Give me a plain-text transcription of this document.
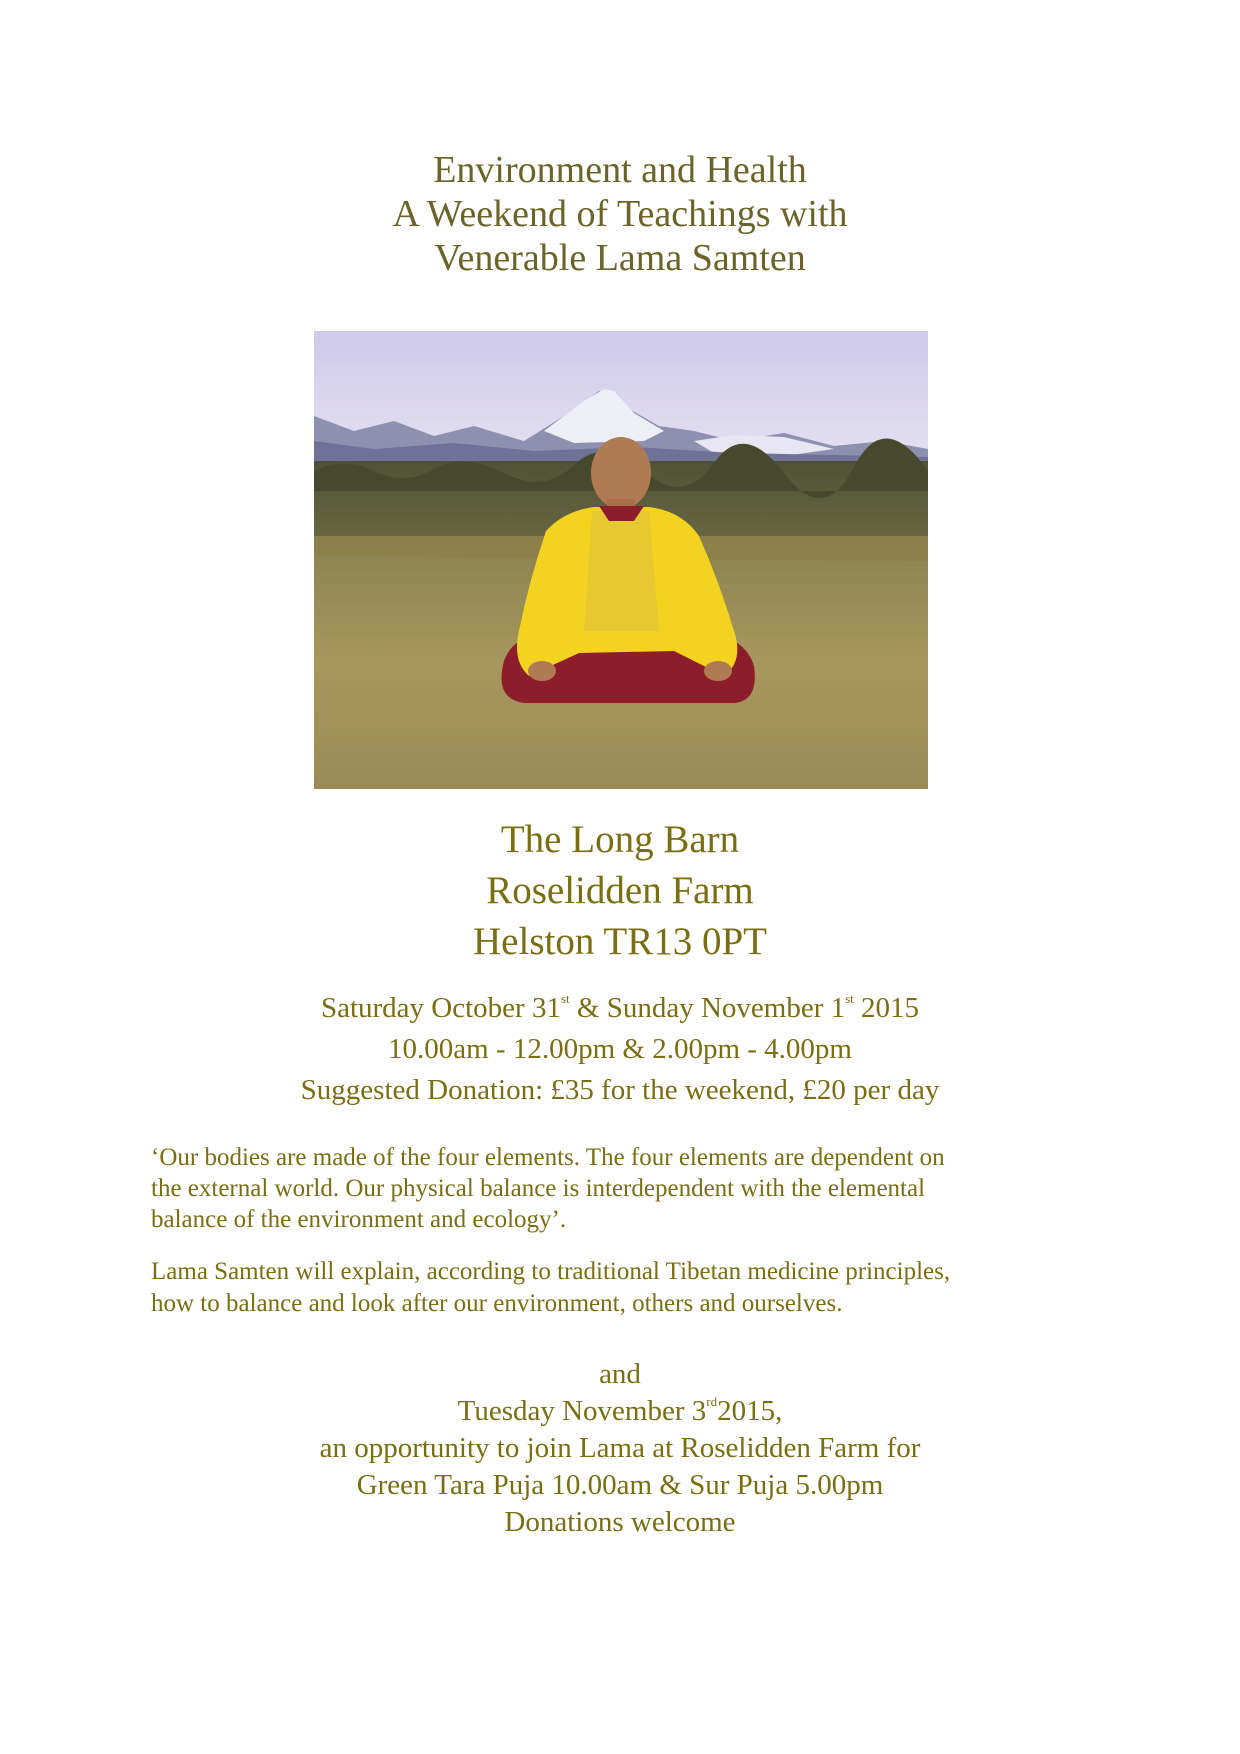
Environment and Health
A Weekend of Teachings with
Venerable Lama Samten
The Long Barn
Roselidden Farm
Helston TR13 0PT
Saturday October 31st & Sunday November 1st 2015
10.00am - 12.00pm & 2.00pm - 4.00pm
Suggested Donation: £35 for the weekend, £20 per day
‘Our bodies are made of the four elements. The four elements are dependent on
the external world. Our physical balance is interdependent with the elemental
balance of the environment and ecology’.
Lama Samten will explain, according to traditional Tibetan medicine principles,
how to balance and look after our environment, others and ourselves.
and
Tuesday November 3rd2015,
an opportunity to join Lama at Roselidden Farm for
Green Tara Puja 10.00am & Sur Puja 5.00pm
Donations welcome
